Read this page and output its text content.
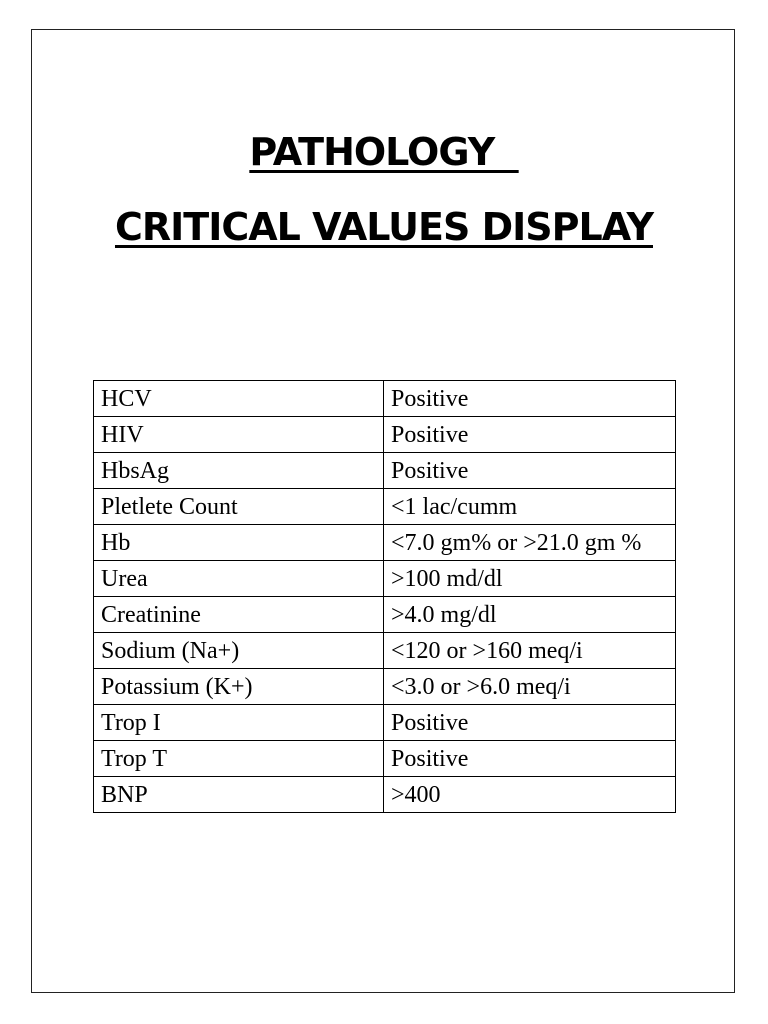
PATHOLOGY
CRITICAL VALUES DISPLAY
HCV	Positive
HIV	Positive
HbsAg	Positive
Pletlete Count	<1 lac/cumm
Hb	<7.0 gm% or >21.0 gm %
Urea	>100 md/dl
Creatinine	>4.0 mg/dl
Sodium (Na+)	<120 or >160 meq/i
Potassium (K+)	<3.0 or >6.0 meq/i
Trop I	Positive
Trop T	Positive
BNP	>400
